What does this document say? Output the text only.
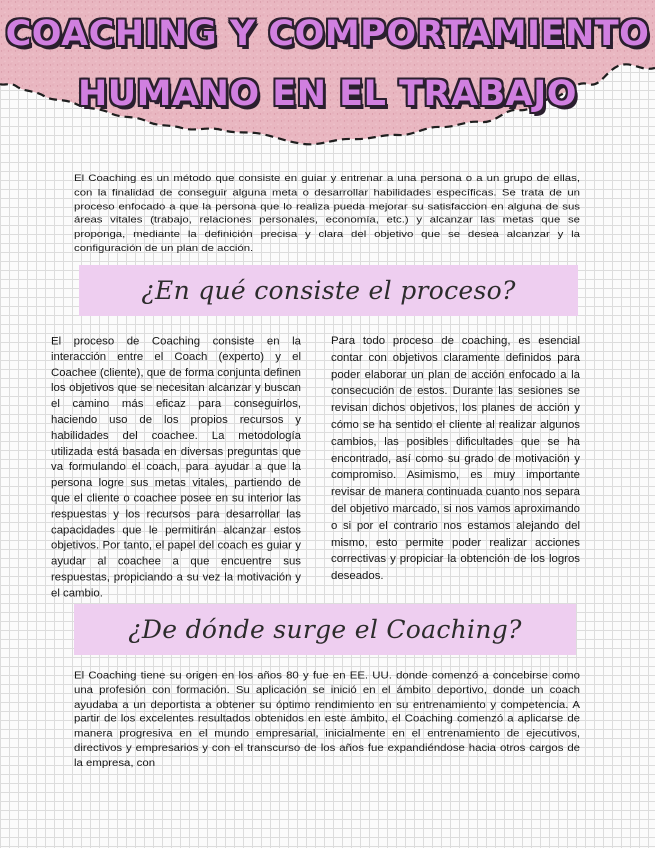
COACHING Y COMPORTAMIENTO
HUMANO EN EL TRABAJO

El Coaching es un método que consiste en guiar y entrenar a una persona o a un grupo de ellas, con la finalidad de conseguir alguna meta o desarrollar habilidades específicas. Se trata de un proceso enfocado a que la persona que lo realiza pueda mejorar su satisfaccion en alguna de sus áreas vitales (trabajo, relaciones personales, economía, etc.) y alcanzar las metas que se proponga, mediante la definición precisa y clara del objetivo que se desea alcanzar y la configuración de un plan de acción.

¿En qué consiste el proceso?

El proceso de Coaching consiste en la interacción entre el Coach (experto) y el Coachee (cliente), que de forma conjunta definen los objetivos que se necesitan alcanzar y buscan el camino más eficaz para conseguirlos, haciendo uso de los propios recursos y habilidades del coachee. La metodología utilizada está basada en diversas preguntas que va formulando el coach, para ayudar a que la persona logre sus metas vitales, partiendo de que el cliente o coachee posee en su interior las respuestas y los recursos para desarrollar las capacidades que le permitirán alcanzar estos objetivos. Por tanto, el papel del coach es guiar y ayudar al coachee a que encuentre sus respuestas, propiciando a su vez la motivación y el cambio.

Para todo proceso de coaching, es esencial contar con objetivos claramente definidos para poder elaborar un plan de acción enfocado a la consecución de estos. Durante las sesiones se revisan dichos objetivos, los planes de acción y cómo se ha sentido el cliente al realizar algunos cambios, las posibles dificultades que se ha encontrado, así como su grado de motivación y compromiso. Asimismo, es muy importante revisar de manera continuada cuanto nos separa del objetivo marcado, si nos vamos aproximando o si por el contrario nos estamos alejando del mismo, esto permite poder realizar acciones correctivas y propiciar la obtención de los logros deseados.

¿De dónde surge el Coaching?

El Coaching tiene su origen en los años 80 y fue en EE. UU. donde comenzó a concebirse como una profesión con formación. Su aplicación se inició en el ámbito deportivo, donde un coach ayudaba a un deportista a obtener su óptimo rendimiento en su entrenamiento y competencia. A partir de los excelentes resultados obtenidos en este ámbito, el Coaching comenzó a aplicarse de manera progresiva en el mundo empresarial, inicialmente en el entrenamiento de ejecutivos, directivos y empresarios y con el transcurso de los años fue expandiéndose hacia otros cargos de la empresa, con
